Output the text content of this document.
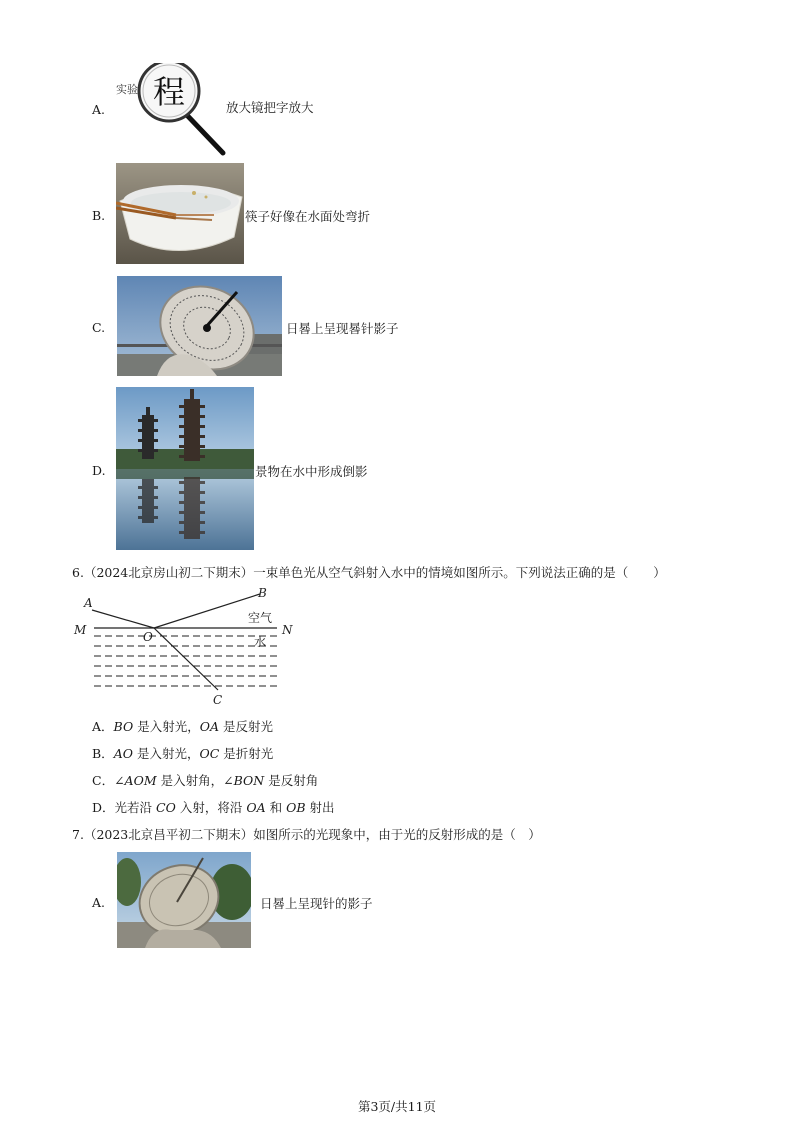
A.
实验 程	放大镜把字放大
B.	筷子好像在水面处弯折
C.	日晷上呈现晷针影子
D.	景物在水中形成倒影
6.（2024北京房山初二下期末）一束单色光从空气斜射入水中的情境如图所示。下列说法正确的是（　　）
A
B
M	N
O
C
空气
水
A．BO 是入射光，OA 是反射光
B．AO 是入射光，OC 是折射光
C．∠AOM 是入射角，∠BON 是反射角
D．光若沿 CO 入射，将沿 OA 和 OB 射出
7.（2023北京昌平初二下期末）如图所示的光现象中，由于光的反射形成的是（　）
A.	日晷上呈现针的影子
第3页/共11页
